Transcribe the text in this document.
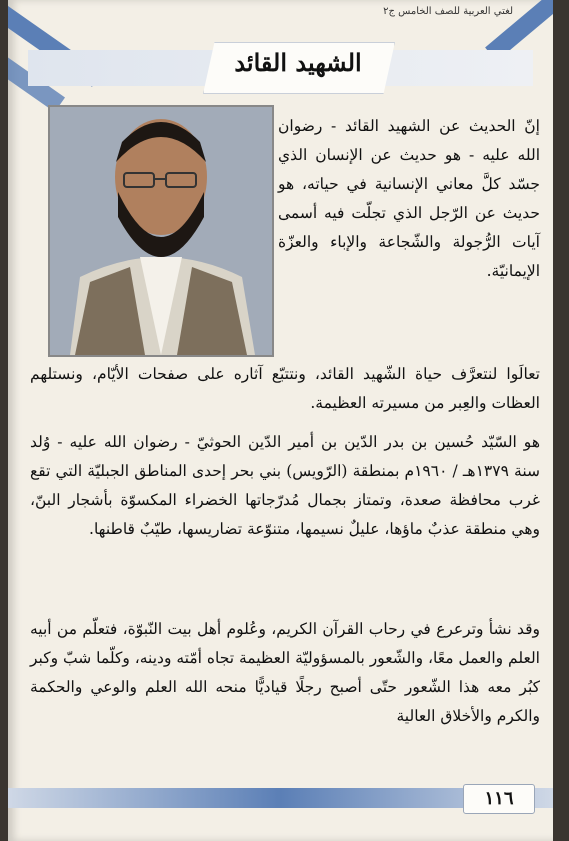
لغتي العربية للصف الخامس ج٢
الشهيد القائد
إنّ الحديث عن الشهيد القائد - رضوان الله عليه - هو حديث عن الإنسان الذي جسّد كلَّ معاني الإنسانية في حياته، هو حديث عن الرّجل الذي تجلّت فيه أسمى آيات الرُّجولة والشّجاعة والإباء والعزّة الإيمانيّة.
تعالَوا لنتعرَّف حياة الشّهيد القائد، ونتتبّع آثاره على صفحات الأيّام، ونستلهم العظات والعِبر من مسيرته العظيمة.
هو السّيّد حُسين بن بدر الدّين بن أمير الدّين الحوثيّ - رضوان الله عليه - وُلد سنة ١٣٧٩هـ / ١٩٦٠م بمنطقة (الرّويس) بني بحر إحدى المناطق الجبليّة التي تقع غرب محافظة صعدة، وتمتاز بجمال مُدرّجاتها الخضراء المكسوّة بأشجار البنّ، وهي منطقة عذبٌ ماؤها، عليلٌ نسيمها، متنوّعة تضاريسها، طيّبٌ قاطنها.
وقد نشأ وترعرع في رحاب القرآن الكريم، وعُلوم أهل بيت النّبوّة، فتعلّم من أبيه العلم والعمل معًا، والشّعور بالمسؤوليّة العظيمة تجاه أمّته ودينه، وكلّما شبّ وكبر كبُر معه هذا الشّعور حتّى أصبح رجلًا قياديًّا منحه الله العلم والوعي والحكمة والكرم والأخلاق العالية
١١٦
